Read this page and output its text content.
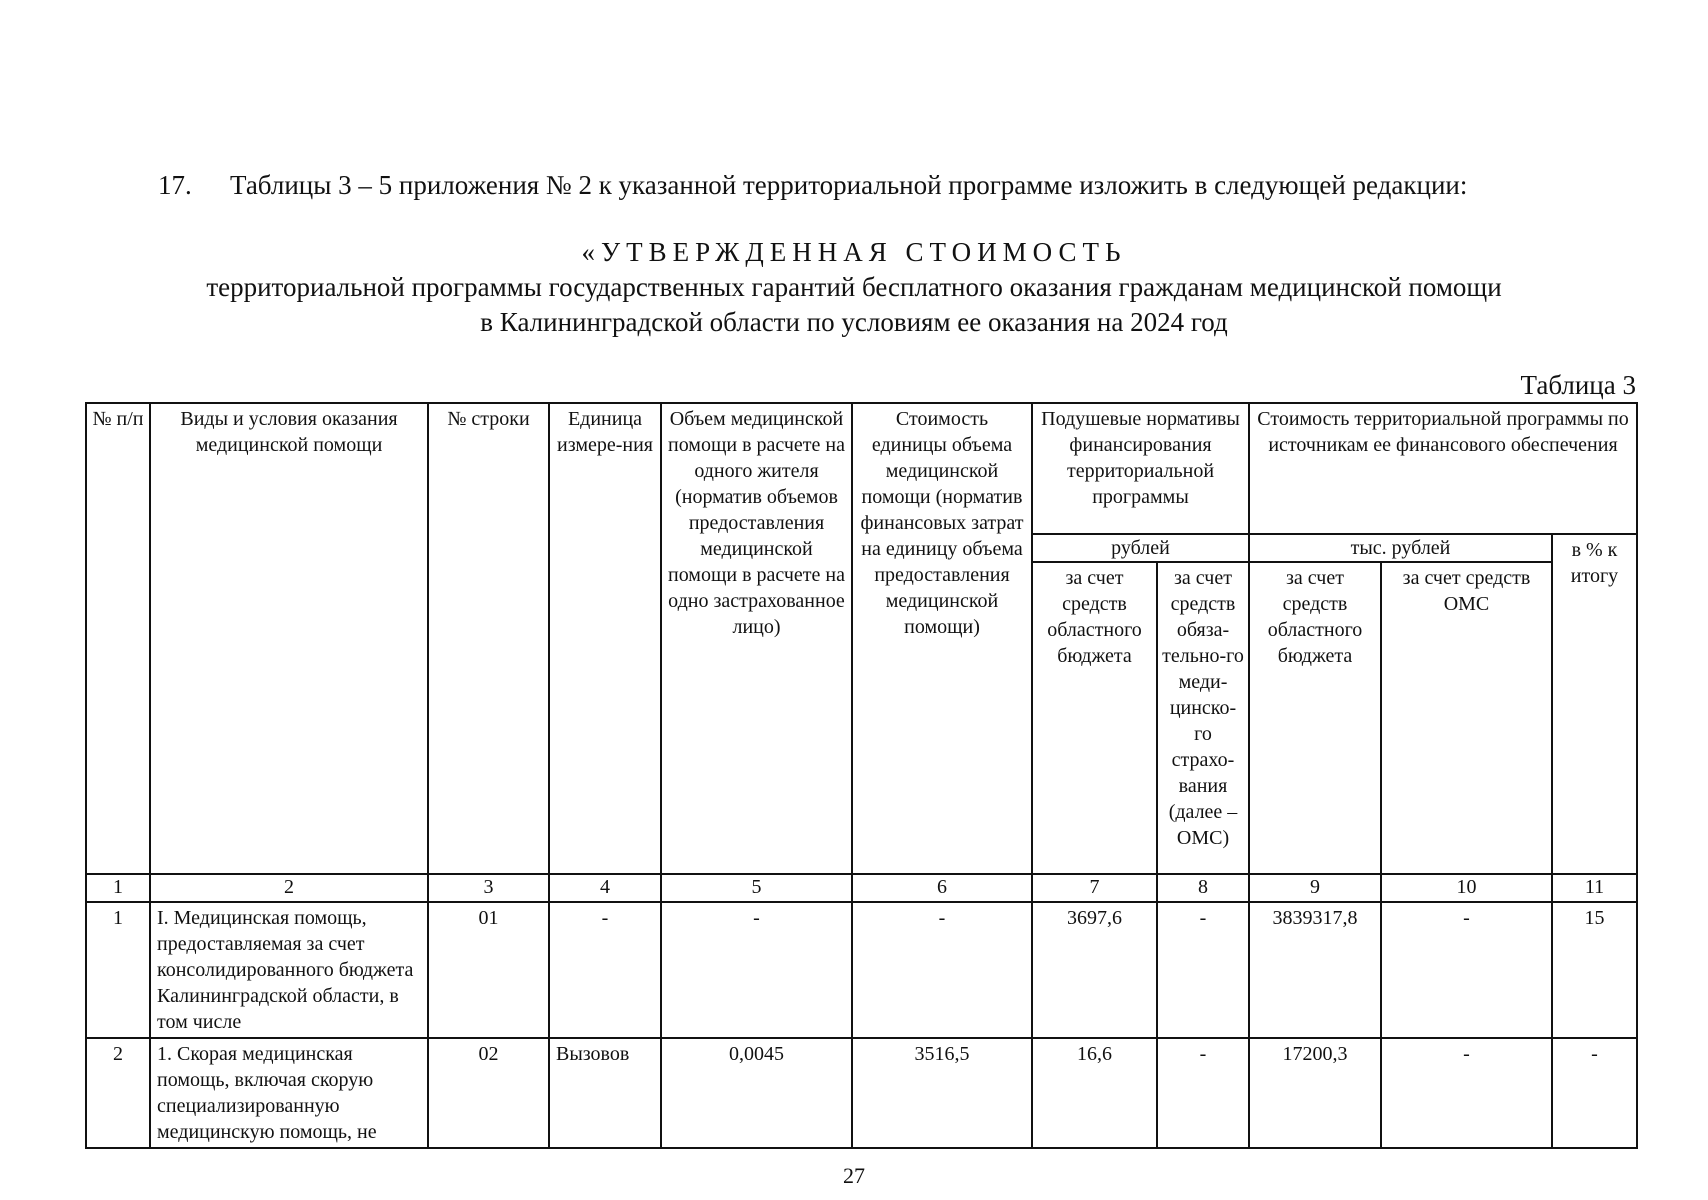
17. Таблицы 3 – 5 приложения № 2 к указанной территориальной программе изложить в следующей редакции:
«УТВЕРЖДЕННАЯ СТОИМОСТЬ
территориальной программы государственных гарантий бесплатного оказания гражданам медицинской помощи
в Калининградской области по условиям ее оказания на 2024 год
Таблица 3
№ п/п	Виды и условия оказания медицинской помощи	№ строки	Единица измере-ния	Объем медицинской помощи в расчете на одного жителя (норматив объемов предоставления медицинской помощи в расчете на одно застрахованное лицо)	Стоимость единицы объема медицинской помощи (норматив финансовых затрат на единицу объема предоставления медицинской помощи)	Подушевые нормативы финансирования территориальной программы		Стоимость территориальной программы по источникам ее финансового обеспечения		
						рублей		тыс. рублей		в % к итогу
						за счет средств областного бюджета	за счет средств обяза-тельно-го меди-цинско-го страхо-вания (далее – ОМС)	за счет средств областного бюджета	за счет средств ОМС	
1	2	3	4	5	6	7	8	9	10	11
1	I. Медицинская помощь, предоставляемая за счет консолидированного бюджета Калининградской области, в том числе	01	-	-	-	3697,6	-	3839317,8	-	15
2	1. Скорая медицинская помощь, включая скорую специализированную медицинскую помощь, не	02	Вызовов	0,0045	3516,5	16,6	-	17200,3	-	-
27
